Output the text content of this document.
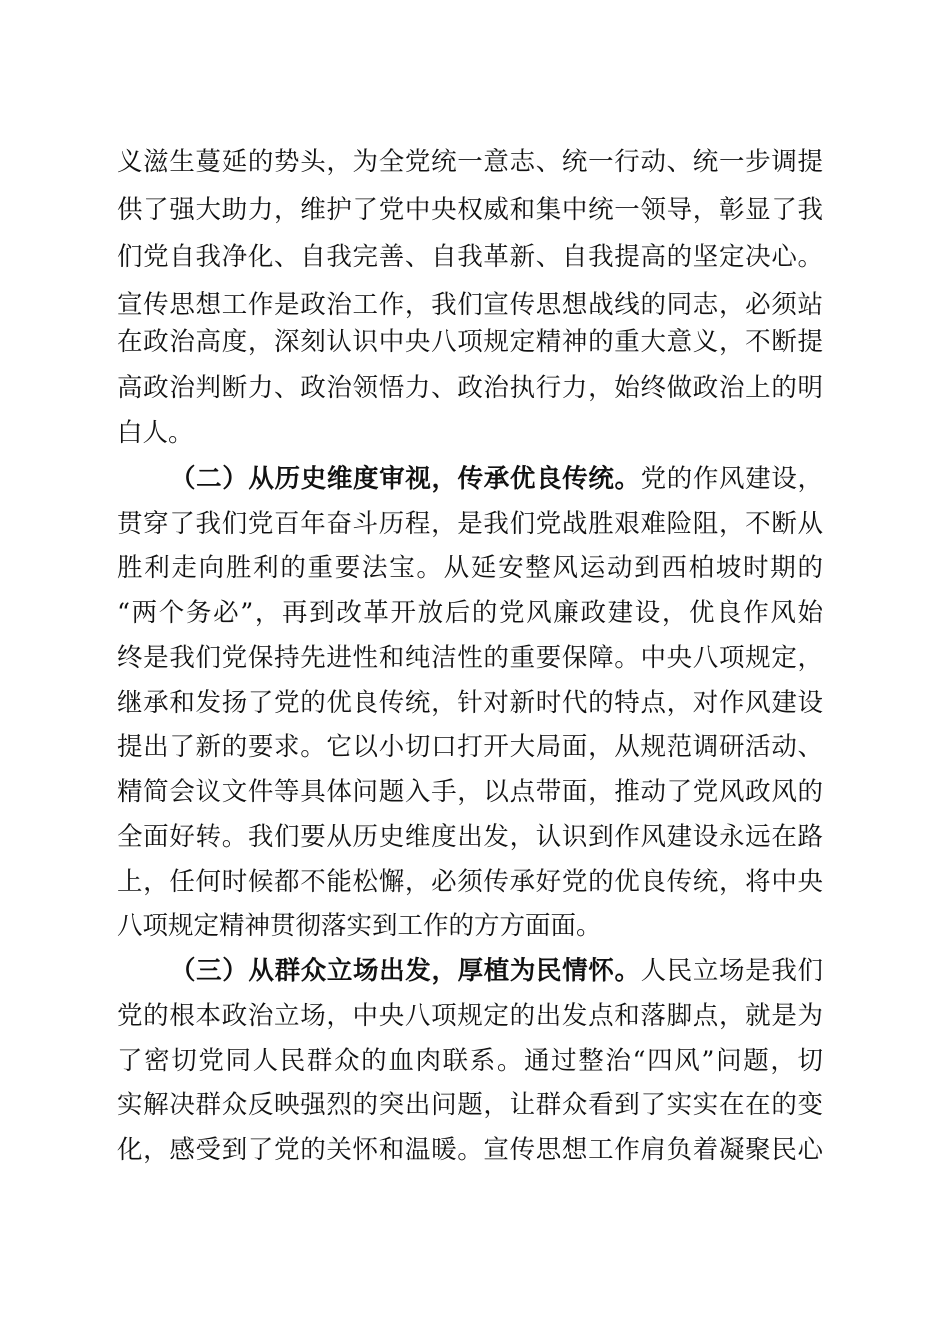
义滋生蔓延的势头，为全党统一意志、统一行动、统一步调提
供了强大助力，维护了党中央权威和集中统一领导，彰显了我
们党自我净化、自我完善、自我革新、自我提高的坚定决心。
宣传思想工作是政治工作，我们宣传思想战线的同志，必须站
在政治高度，深刻认识中央八项规定精神的重大意义，不断提
高政治判断力、政治领悟力、政治执行力，始终做政治上的明
白人。
（二）从历史维度审视，传承优良传统。党的作风建设，
贯穿了我们党百年奋斗历程，是我们党战胜艰难险阻，不断从
胜利走向胜利的重要法宝。从延安整风运动到西柏坡时期的
“两个务必”，再到改革开放后的党风廉政建设，优良作风始
终是我们党保持先进性和纯洁性的重要保障。中央八项规定，
继承和发扬了党的优良传统，针对新时代的特点，对作风建设
提出了新的要求。它以小切口打开大局面，从规范调研活动、
精简会议文件等具体问题入手，以点带面，推动了党风政风的
全面好转。我们要从历史维度出发，认识到作风建设永远在路
上，任何时候都不能松懈，必须传承好党的优良传统，将中央
八项规定精神贯彻落实到工作的方方面面。
（三）从群众立场出发，厚植为民情怀。人民立场是我们
党的根本政治立场，中央八项规定的出发点和落脚点，就是为
了密切党同人民群众的血肉联系。通过整治“四风”问题，切
实解决群众反映强烈的突出问题，让群众看到了实实在在的变
化，感受到了党的关怀和温暖。宣传思想工作肩负着凝聚民心
